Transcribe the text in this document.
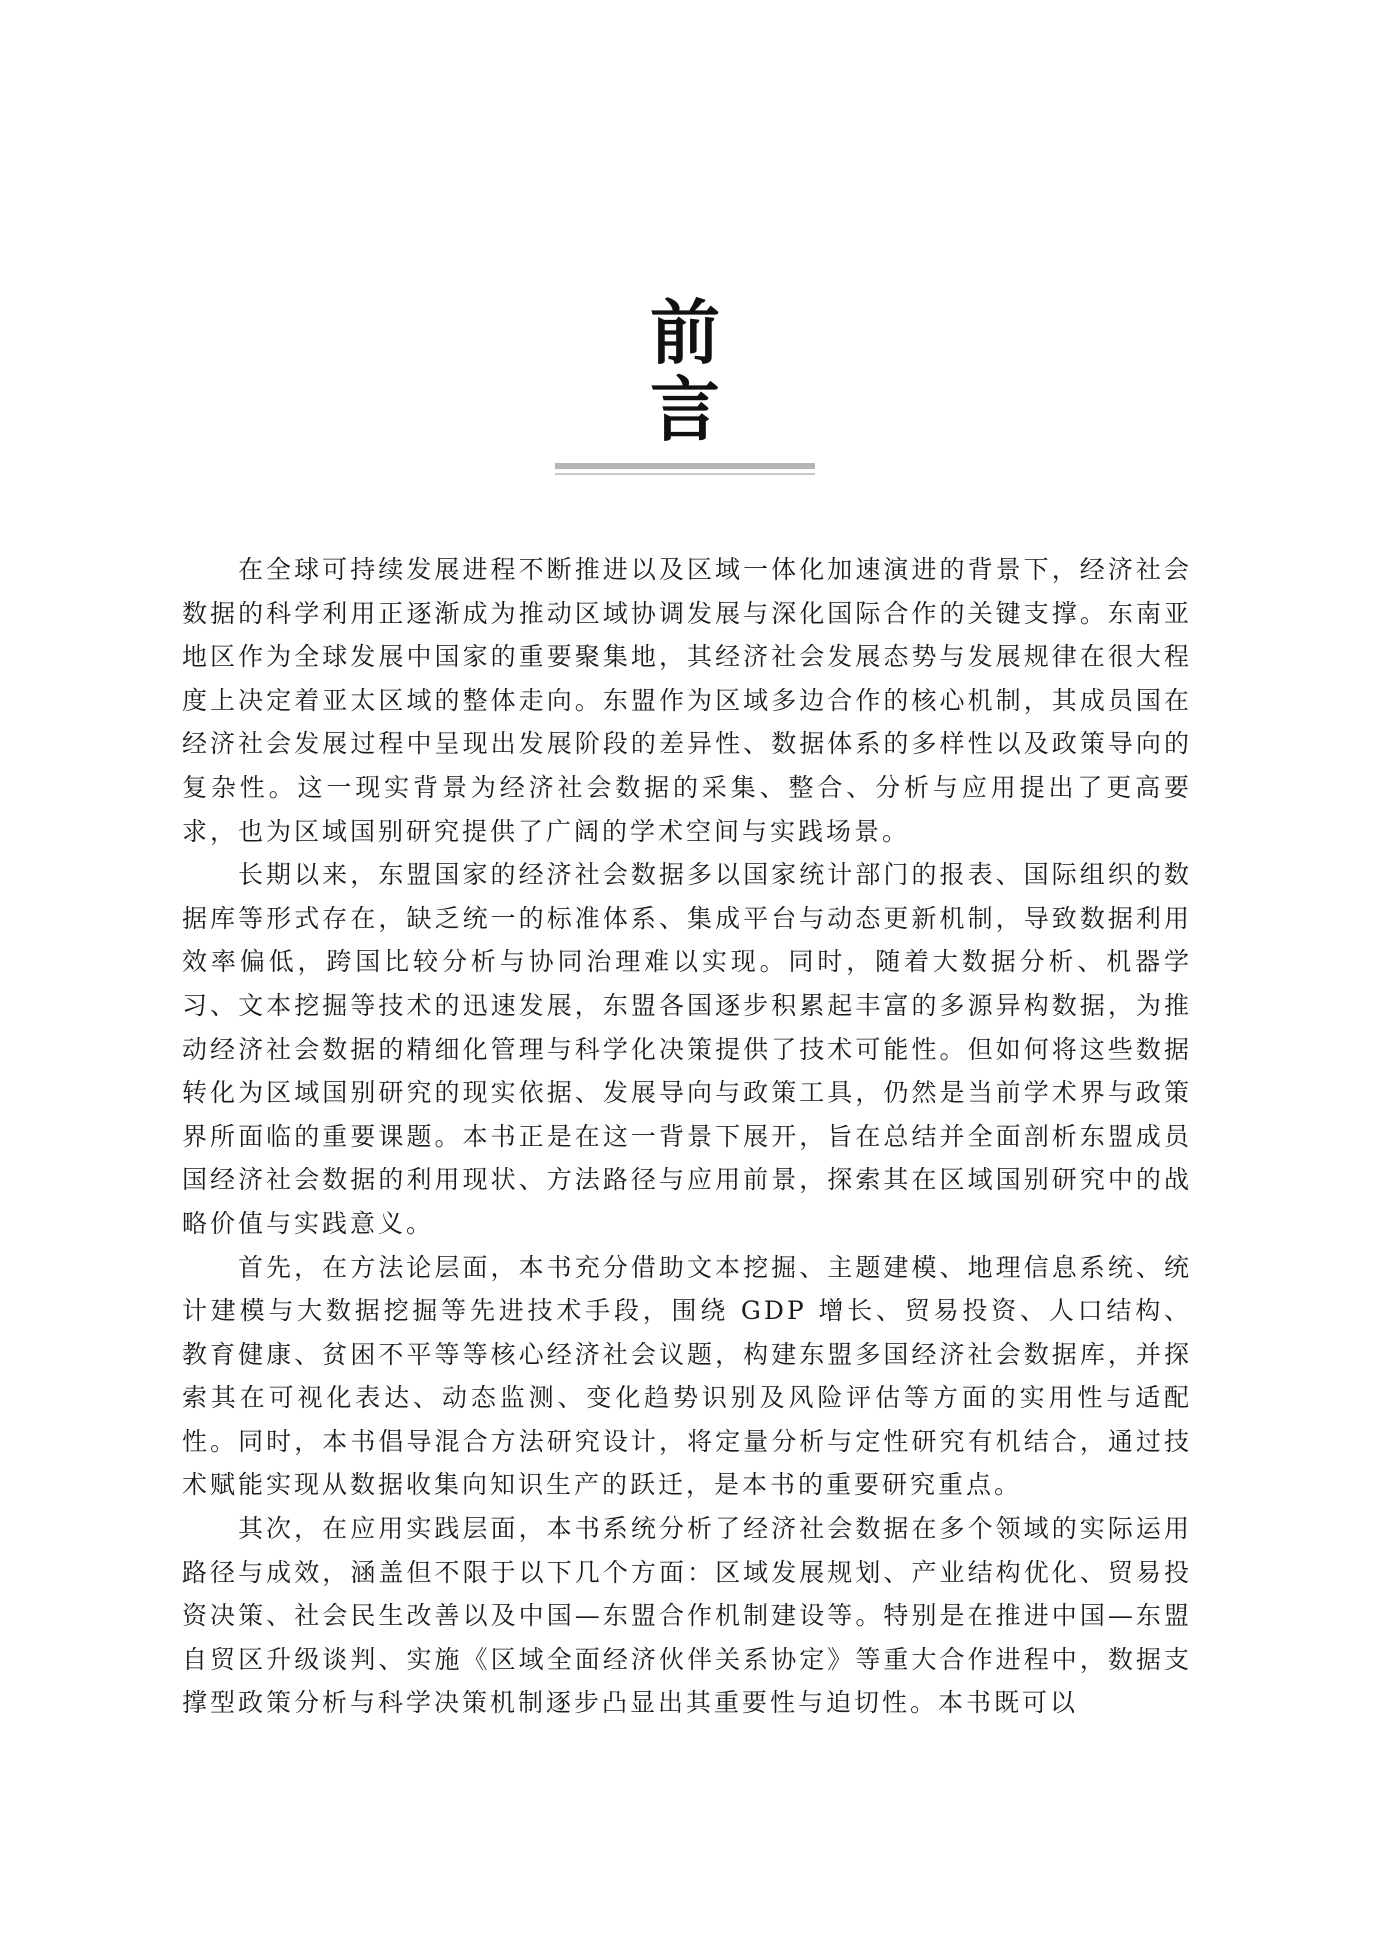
前 言

在全球可持续发展进程不断推进以及区域一体化加速演进的背景下，经济社会数据的科学利用正逐渐成为推动区域协调发展与深化国际合作的关键支撑。东南亚地区作为全球发展中国家的重要聚集地，其经济社会发展态势与发展规律在很大程度上决定着亚太区域的整体走向。东盟作为区域多边合作的核心机制，其成员国在经济社会发展过程中呈现出发展阶段的差异性、数据体系的多样性以及政策导向的复杂性。这一现实背景为经济社会数据的采集、整合、分析与应用提出了更高要求，也为区域国别研究提供了广阔的学术空间与实践场景。

长期以来，东盟国家的经济社会数据多以国家统计部门的报表、国际组织的数据库等形式存在，缺乏统一的标准体系、集成平台与动态更新机制，导致数据利用效率偏低，跨国比较分析与协同治理难以实现。同时，随着大数据分析、机器学习、文本挖掘等技术的迅速发展，东盟各国逐步积累起丰富的多源异构数据，为推动经济社会数据的精细化管理与科学化决策提供了技术可能性。但如何将这些数据转化为区域国别研究的现实依据、发展导向与政策工具，仍然是当前学术界与政策界所面临的重要课题。本书正是在这一背景下展开，旨在总结并全面剖析东盟成员国经济社会数据的利用现状、方法路径与应用前景，探索其在区域国别研究中的战略价值与实践意义。

首先，在方法论层面，本书充分借助文本挖掘、主题建模、地理信息系统、统计建模与大数据挖掘等先进技术手段，围绕 GDP 增长、贸易投资、人口结构、教育健康、贫困不平等等核心经济社会议题，构建东盟多国经济社会数据库，并探索其在可视化表达、动态监测、变化趋势识别及风险评估等方面的实用性与适配性。同时，本书倡导混合方法研究设计，将定量分析与定性研究有机结合，通过技术赋能实现从数据收集向知识生产的跃迁，是本书的重要研究重点。

其次，在应用实践层面，本书系统分析了经济社会数据在多个领域的实际运用路径与成效，涵盖但不限于以下几个方面：区域发展规划、产业结构优化、贸易投资决策、社会民生改善以及中国—东盟合作机制建设等。特别是在推进中国—东盟自贸区升级谈判、实施《区域全面经济伙伴关系协定》等重大合作进程中，数据支撑型政策分析与科学决策机制逐步凸显出其重要性与迫切性。本书既可以
